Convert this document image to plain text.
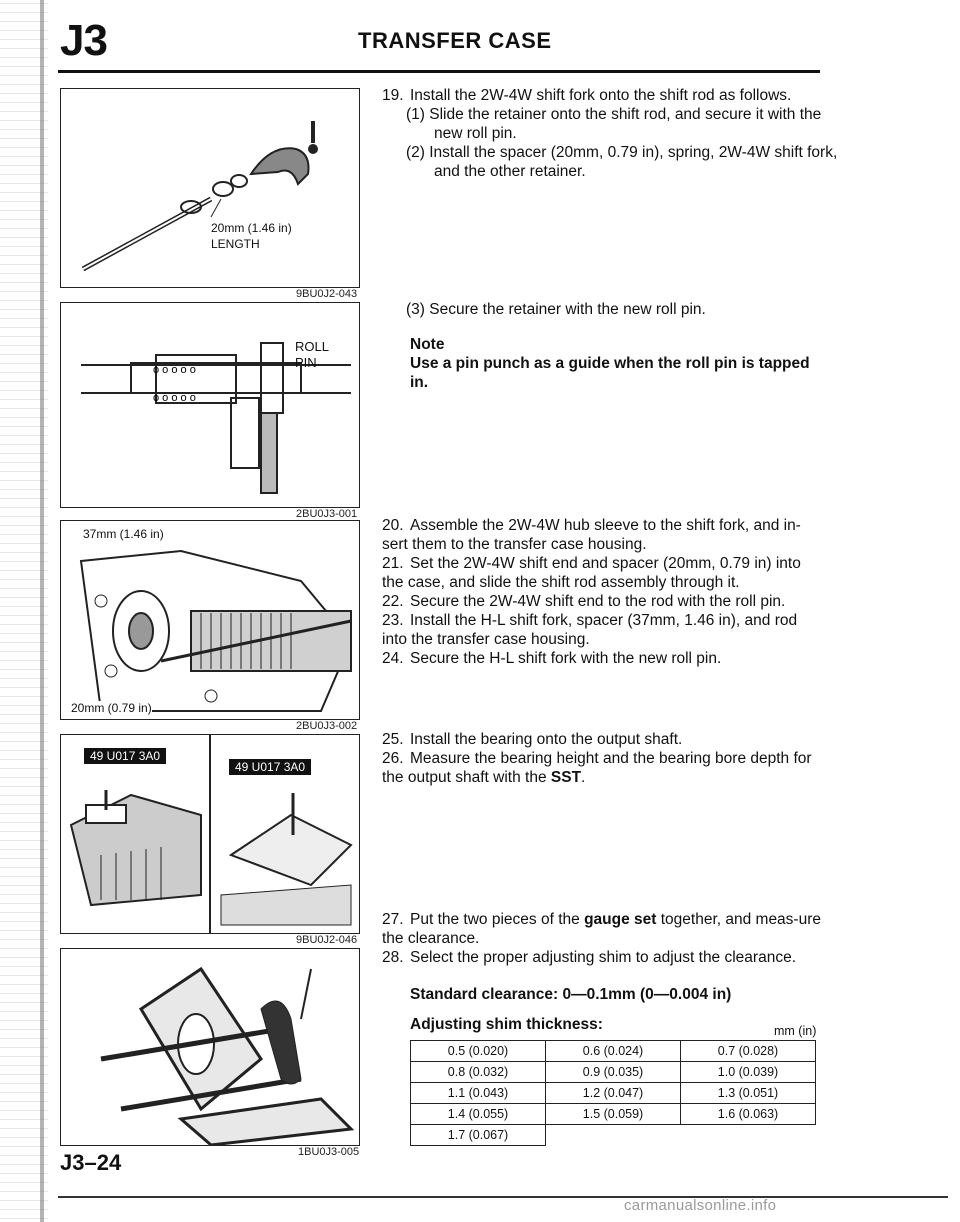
J3	TRANSFER CASE
20mm (1.46 in)
LENGTH
9BU0J2-043
o o o o o
o o o o o
ROLL
PIN
2BU0J3-001
37mm (1.46 in)
20mm (0.79 in)
2BU0J3-002
49 U017 3A0
49 U017 3A0
9BU0J2-046
1BU0J3-005
19. Install the 2W-4W shift fork onto the shift rod as follows.
(1) Slide the retainer onto the shift rod, and secure it with the new roll pin.
(2) Install the spacer (20mm, 0.79 in), spring, 2W-4W shift fork, and the other retainer.
(3) Secure the retainer with the new roll pin.
Note
Use a pin punch as a guide when the roll pin is tapped in.
20. Assemble the 2W-4W hub sleeve to the shift fork, and in-sert them to the transfer case housing.
21. Set the 2W-4W shift end and spacer (20mm, 0.79 in) into the case, and slide the shift rod assembly through it.
22. Secure the 2W-4W shift end to the rod with the roll pin.
23. Install the H-L shift fork, spacer (37mm, 1.46 in), and rod into the transfer case housing.
24. Secure the H-L shift fork with the new roll pin.
25. Install the bearing onto the output shaft.
26. Measure the bearing height and the bearing bore depth for the output shaft with the SST.
27. Put the two pieces of the gauge set together, and meas-ure the clearance.
28. Select the proper adjusting shim to adjust the clearance.
Standard clearance: 0—0.1mm (0—0.004 in)
Adjusting shim thickness:	mm (in)
0.5 (0.020)	0.6 (0.024)	0.7 (0.028)
0.8 (0.032)	0.9 (0.035)	1.0 (0.039)
1.1 (0.043)	1.2 (0.047)	1.3 (0.051)
1.4 (0.055)	1.5 (0.059)	1.6 (0.063)
1.7 (0.067)		
J3–24
carmanualsonline.info
